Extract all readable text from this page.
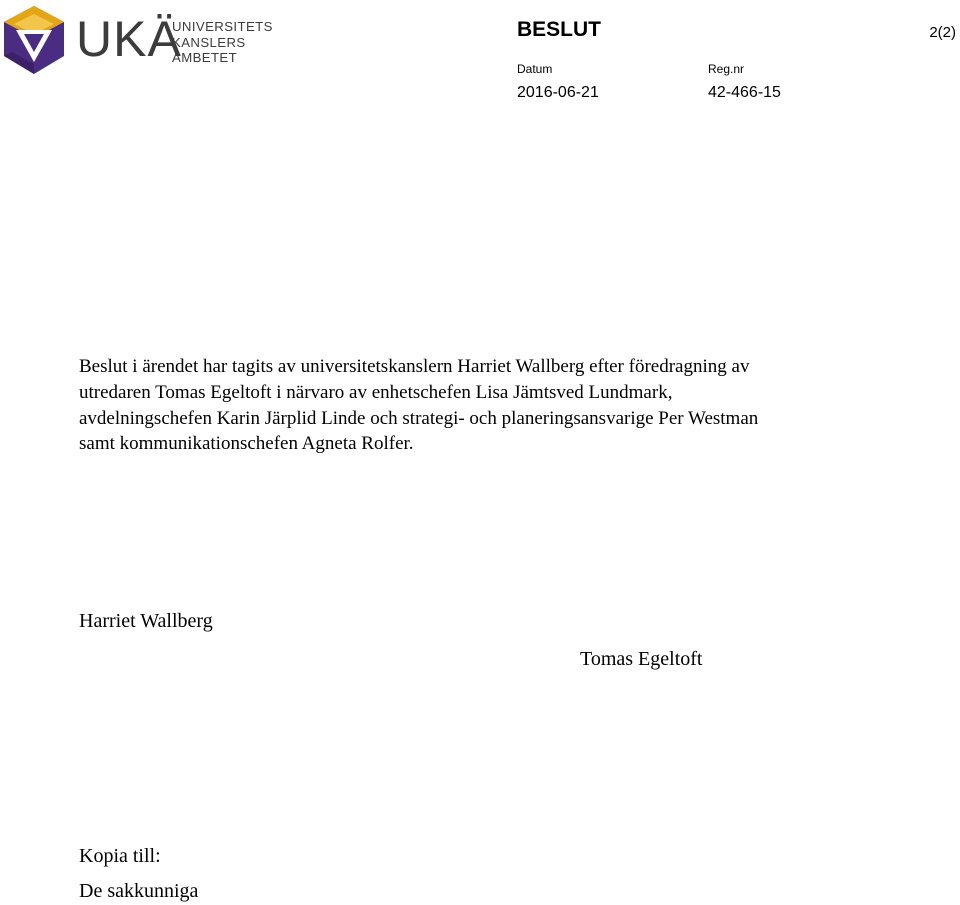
UKÄ
UNIVERSITETS
KANSLERS
ÄMBETET
BESLUT	2(2)
Datum	Reg.nr
2016-06-21	42-466-15
Beslut i ärendet har tagits av universitetskanslern Harriet Wallberg efter föredragning av
utredaren Tomas Egeltoft i närvaro av enhetschefen Lisa Jämtsved Lundmark,
avdelningschefen Karin Järplid Linde och strategi- och planeringsansvarige Per Westman
samt kommunikationschefen Agneta Rolfer.
Harriet Wallberg
Tomas Egeltoft
Kopia till:
De sakkunniga
